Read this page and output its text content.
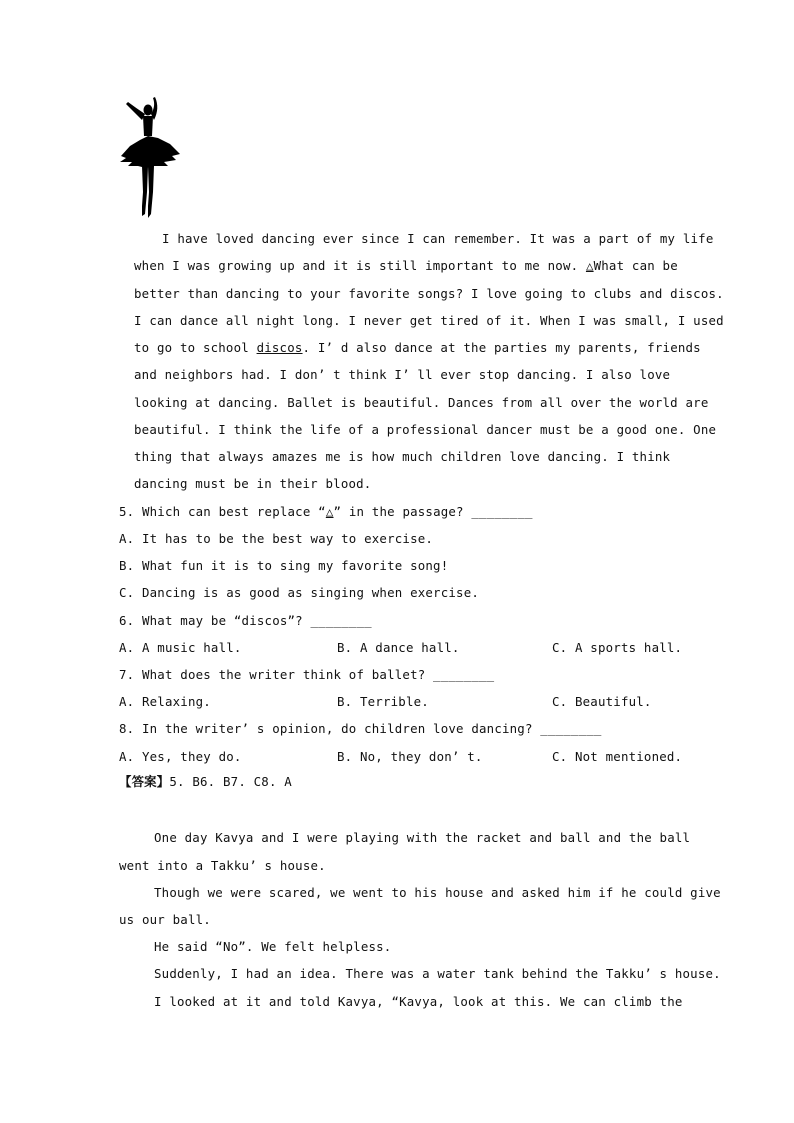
I have loved dancing ever since I can remember. It was a part of my life
when I was growing up and it is still important to me now. △What can be
better than dancing to your favorite songs? I love going to clubs and discos.
I can dance all night long. I never get tired of it. When I was small, I used
to go to school discos. I’ d also dance at the parties my parents, friends
and neighbors had. I don’ t think I’ ll ever stop dancing. I also love
looking at dancing. Ballet is beautiful. Dances from all over the world are
beautiful. I think the life of a professional dancer must be a good one. One
thing that always amazes me is how much children love dancing. I think
dancing must be in their blood.
5. Which can best replace “△” in the passage? ________
A. It has to be the best way to exercise.
B. What fun it is to sing my favorite song!
C. Dancing is as good as singing when exercise.
6. What may be “discos”? ________
A. A music hall.	B. A dance hall.	C. A sports hall.
7. What does the writer think of ballet? ________
A. Relaxing.	B. Terrible.	C. Beautiful.
8. In the writer’ s opinion, do children love dancing? ________
A. Yes, they do.	B. No, they don’ t.	C. Not mentioned.
【答案】5. B6. B7. C8. A
One day Kavya and I were playing with the racket and ball and the ball
went into a Takku’ s house.
Though we were scared, we went to his house and asked him if he could give
us our ball.
He said “No”. We felt helpless.
Suddenly, I had an idea. There was a water tank behind the Takku’ s house.
I looked at it and told Kavya, “Kavya, look at this. We can climb the
